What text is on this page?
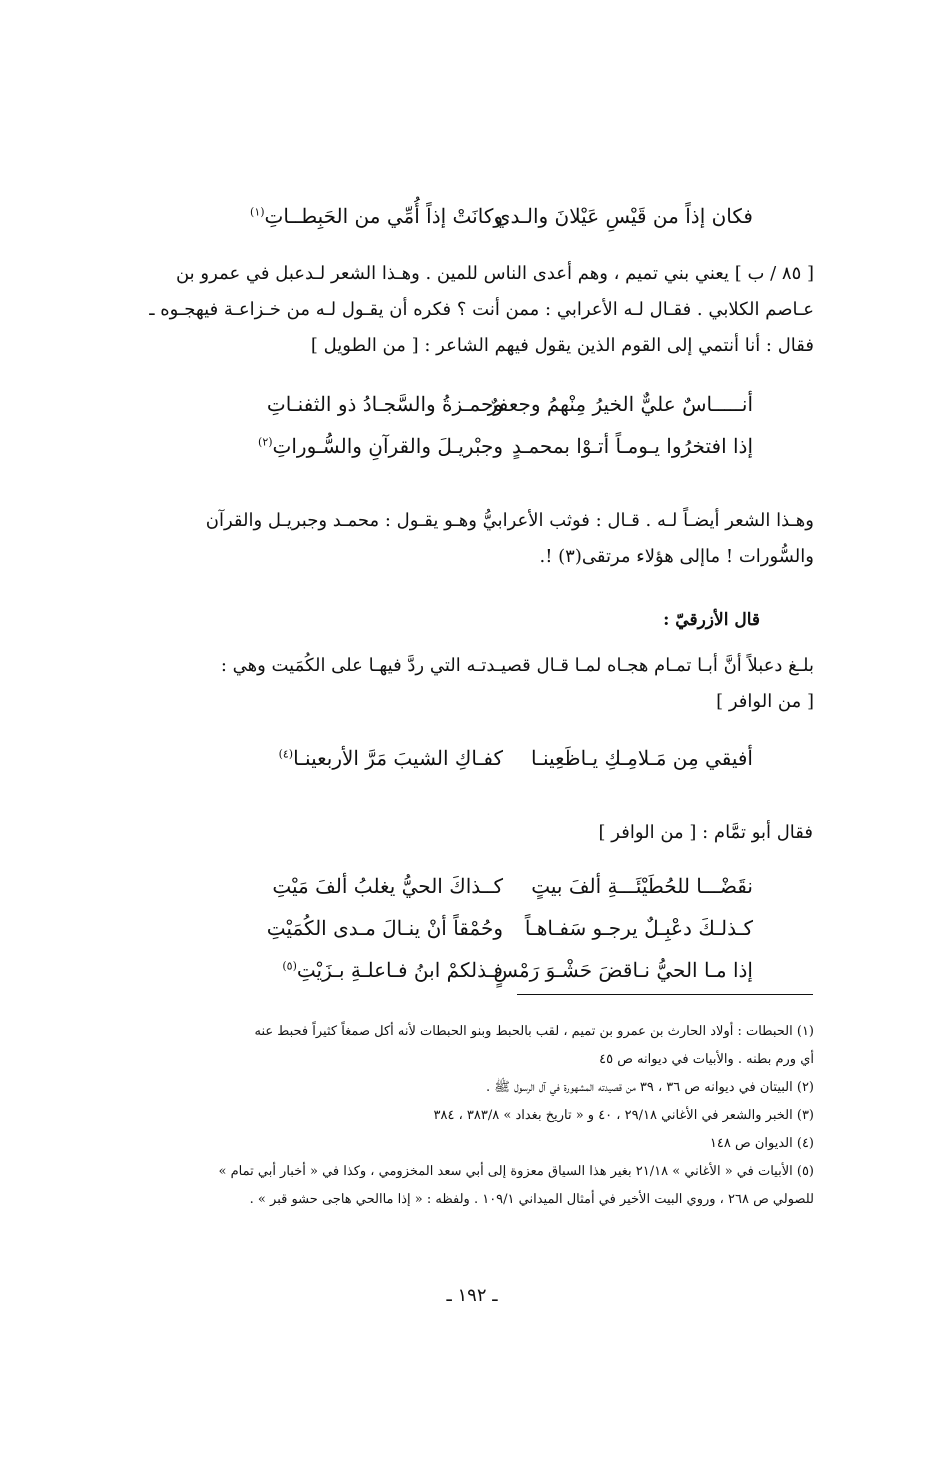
فكان إذاً من قَيْسِ عَيْلانَ والـدي
وكانَتْ إذاً أُمِّي من الحَبِطــاتِ$^{(١)}$
[ ٨٥ / ب ] يعني بني تميم ، وهم أعدى الناس للمين . وهـذا الشعر لـدعبل في عمرو بن
عـاصم الكلابي . فقـال لـه الأعرابي : ممن أنت ؟ فكره أن يقـول لـه من خـزاعـة فيهجـوه ـ
فقال : أنا أنتمي إلى القوم الذين يقول فيهم الشاعر : [ من الطويل ]
أنـــــاسٌ عليٌّ الخيرُ مِنْهمُ وجعفرٌ
وحمـزةُ والسَّجـادُ ذو الثفنـاتِ
إذا افتخرُوا يـومـاً أتـوْا بمحمـدٍ
وجبْريـلَ والقرآنِ والسُّـوراتِ$^{(٢)}$
وهـذا الشعر أيضـاً لـه . قـال : فوثب الأعرابيُّ وهـو يقـول : محمـد وجبريـل والقرآن
والسُّورات ! ماإلى هؤلاء مرتقى(٣) !.
قال الأزرقيّ :
بلـغ دعبلاً أنَّ أبـا تمـام هجـاه لمـا قـال قصيـدتـه التي ردَّ فيهـا على الكُمَيت وهي :
[ من الوافر ]
أفيقي مِن مَـلامِـكِ يـاظَعِينـا
كفـاكِ الشيبَ مَرَّ الأربعينـا$^{(٤)}$
فقال أبو تمَّام : [ من الوافر ]
نقَضْـــا للحُطَيْئَـــةِ ألفَ بيتٍ
كــذاكَ الحيُّ يغلبُ ألفَ مَيْتِ
كـذلـكَ دعْبِـلٌ يرجـو سَفـاهـاً
وحُمْقاً أنْ ينـالَ مـدى الكُمَيْتِ
إذا مـا الحيُّ نـاقضَ حَشْـوَ رَمْسٍ
فـذلكمْ ابنُ فـاعلـةِ بـزَيْتِ$^{(٥)}$
(١) الحبطات : أولاد الحارث بن عمرو بن تميم ، لقب بالحبط وبنو الحبطات لأنه أكل صمغاً كثيراً فحبط عنه
أي ورم بطنه . والأبيات في ديوانه ص ٤٥
(٢) البيتان في ديوانه ص ٣٦ ، ٣٩ من قصيدته المشهورة في آل الرسول ﷺ .
(٣) الخبر والشعر في الأغاني ٢٩/١٨ ، ٤٠ و « تاريخ بغداد » ٣٨٣/٨ ، ٣٨٤
(٤) الديوان ص ١٤٨
(٥) الأبيات في « الأغاني » ٢١/١٨ بغير هذا السياق معزوة إلى أبي سعد المخزومي ، وكذا في « أخبار أبي تمام »
للصولي ص ٢٦٨ ، وروي البيت الأخير في أمثال الميداني ١٠٩/١ . ولفظه : « إذا ماالحي هاجى حشو قبر » .
ـ ١٩٢ ـ
